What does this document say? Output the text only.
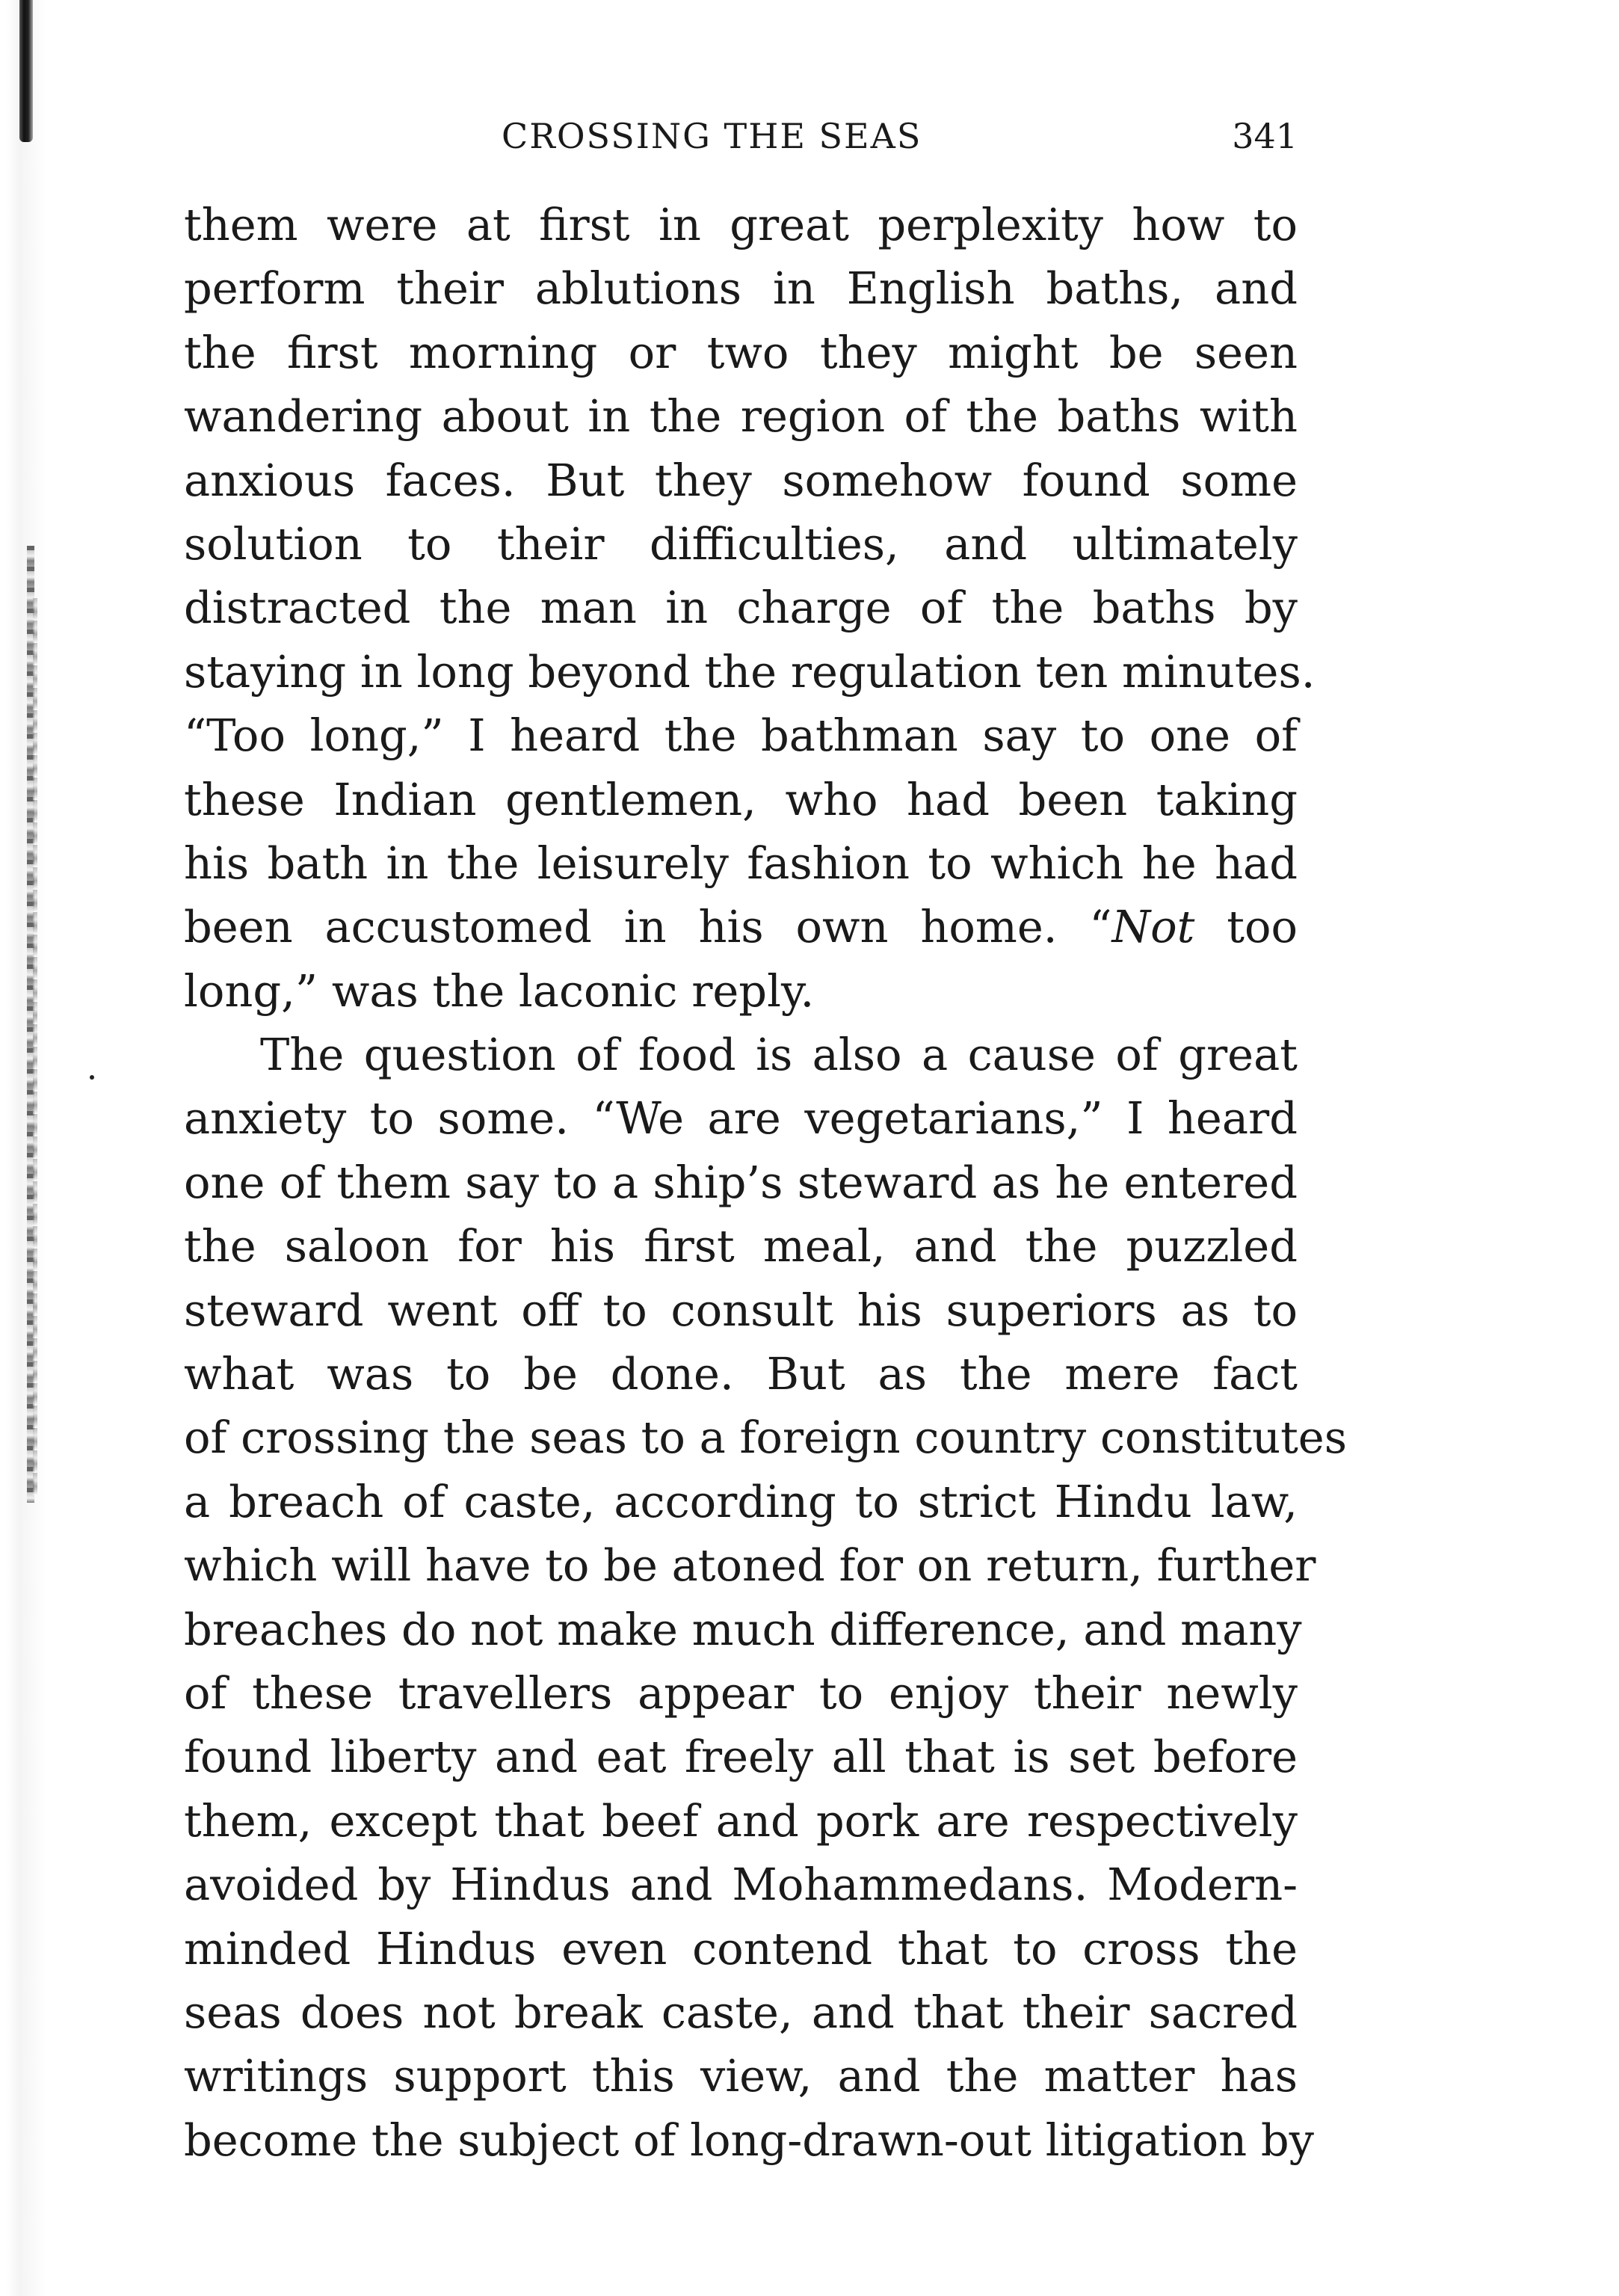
CROSSING THE SEAS	341
them were at first in great perplexity how to
perform their ablutions in English baths, and
the first morning or two they might be seen
wandering about in the region of the baths with
anxious faces. But they somehow found some
solution to their difficulties, and ultimately
distracted the man in charge of the baths by
staying in long beyond the regulation ten minutes.
“Too long,” I heard the bathman say to one of
these Indian gentlemen, who had been taking
his bath in the leisurely fashion to which he had
been accustomed in his own home. “Not too
long,” was the laconic reply.
The question of food is also a cause of great
anxiety to some. “We are vegetarians,” I heard
one of them say to a ship’s steward as he entered
the saloon for his first meal, and the puzzled
steward went off to consult his superiors as to
what was to be done. But as the mere fact
of crossing the seas to a foreign country constitutes
a breach of caste, according to strict Hindu law,
which will have to be atoned for on return, further
breaches do not make much difference, and many
of these travellers appear to enjoy their newly
found liberty and eat freely all that is set before
them, except that beef and pork are respectively
avoided by Hindus and Mohammedans. Modern-
minded Hindus even contend that to cross the
seas does not break caste, and that their sacred
writings support this view, and the matter has
become the subject of long-drawn-out litigation by
